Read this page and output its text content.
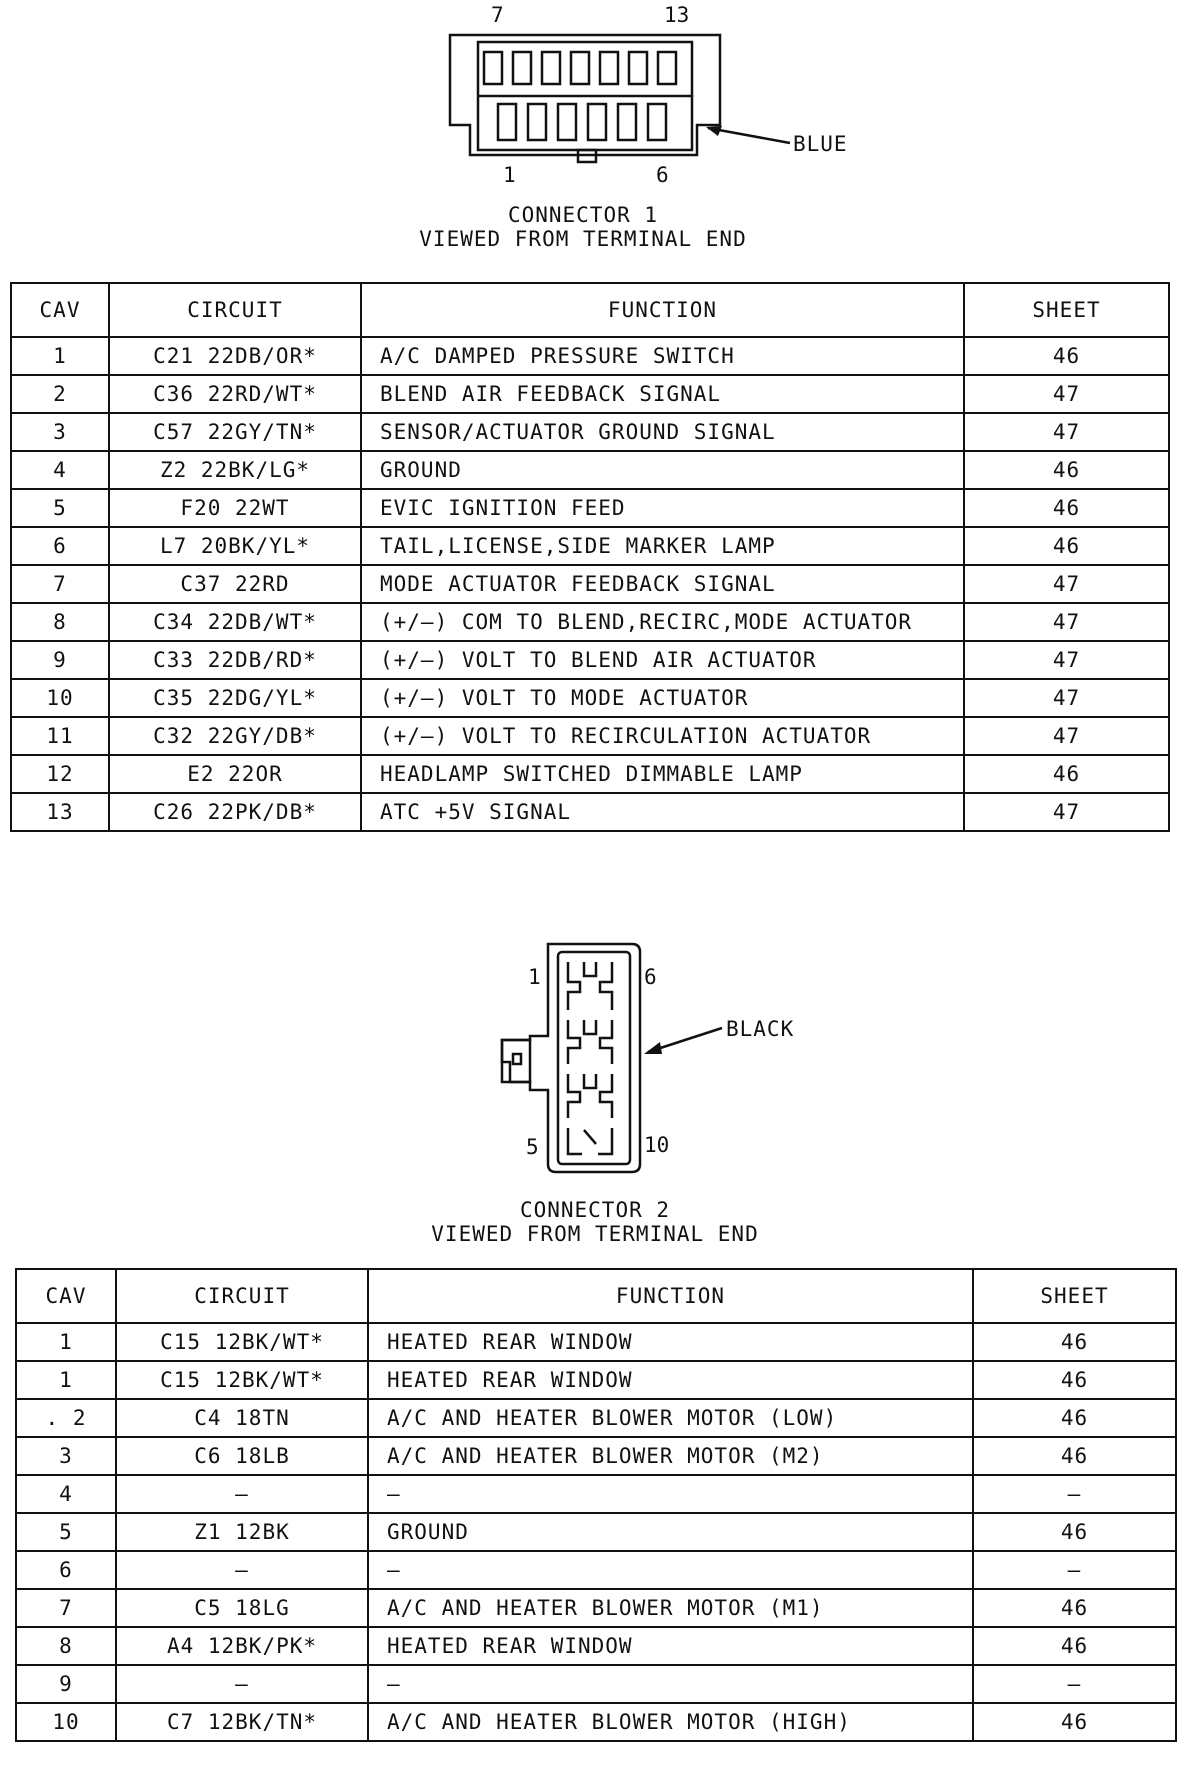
7	13
1	6
BLUE
CONNECTOR 1
VIEWED FROM TERMINAL END
CAV	CIRCUIT	FUNCTION	SHEET
1	C21 22DB/OR*	A/C DAMPED PRESSURE SWITCH	46
2	C36 22RD/WT*	BLEND AIR FEEDBACK SIGNAL	47
3	C57 22GY/TN*	SENSOR/ACTUATOR GROUND SIGNAL	47
4	Z2 22BK/LG*	GROUND	46
5	F20 22WT	EVIC IGNITION FEED	46
6	L7 20BK/YL*	TAIL,LICENSE,SIDE MARKER LAMP	46
7	C37 22RD	MODE ACTUATOR FEEDBACK SIGNAL	47
8	C34 22DB/WT*	(+/–) COM TO BLEND,RECIRC,MODE ACTUATOR	47
9	C33 22DB/RD*	(+/–) VOLT TO BLEND AIR ACTUATOR	47
10	C35 22DG/YL*	(+/–) VOLT TO MODE ACTUATOR	47
11	C32 22GY/DB*	(+/–) VOLT TO RECIRCULATION ACTUATOR	47
12	E2 22OR	HEADLAMP SWITCHED DIMMABLE LAMP	46
13	C26 22PK/DB*	ATC +5V SIGNAL	47
1	6
5	10
BLACK
CONNECTOR 2
VIEWED FROM TERMINAL END
CAV	CIRCUIT	FUNCTION	SHEET
1	C15 12BK/WT*	HEATED REAR WINDOW	46
1	C15 12BK/WT*	HEATED REAR WINDOW	46
. 2	C4 18TN	A/C AND HEATER BLOWER MOTOR (LOW)	46
3	C6 18LB	A/C AND HEATER BLOWER MOTOR (M2)	46
4	—	—	—
5	Z1 12BK	GROUND	46
6	—	—	—
7	C5 18LG	A/C AND HEATER BLOWER MOTOR (M1)	46
8	A4 12BK/PK*	HEATED REAR WINDOW	46
9	—	—	—
10	C7 12BK/TN*	A/C AND HEATER BLOWER MOTOR (HIGH)	46
